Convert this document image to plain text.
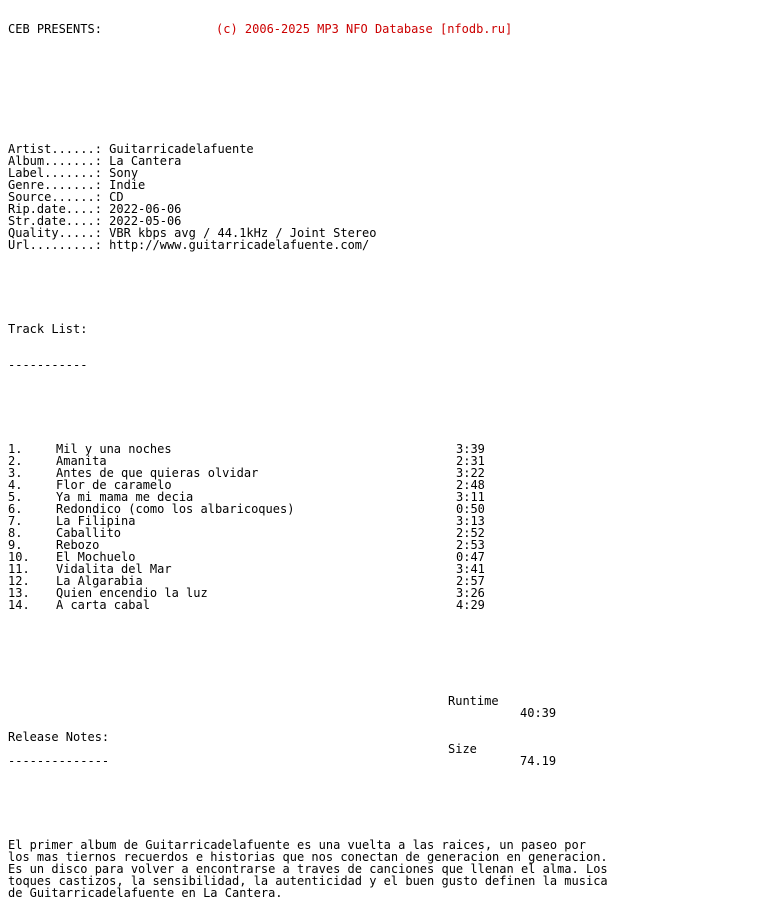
CEB PRESENTS:	(c) 2006-2025 MP3 NFO Database [nfodb.ru]

Artist......: Guitarricadelafuente
Album.......: La Cantera
Label.......: Sony
Genre.......: Indie
Source......: CD
Rip.date....: 2022-06-06
Str.date....: 2022-05-06
Quality.....: VBR kbps avg / 44.1kHz / Joint Stereo
Url.........: http://www.guitarricadelafuente.com/

Track List:

-----------

1.	Mil y una noches	3:39
2.	Amanita	2:31
3.	Antes de que quieras olvidar	3:22
4.	Flor de caramelo	2:48
5.	Ya mi mama me decia	3:11
6.	Redondico (como los albaricoques)	0:50
7.	La Filipina	3:13
8.	Caballito	2:52
9.	Rebozo	2:53
10. El Mochuelo	0:47
11. Vidalita del Mar	3:41
12. La Algarabia	2:57
13. Quien encendio la luz	3:26
14. A carta cabal	4:29

Runtime

40:39

Release Notes:

Size

74.19

--------------

El primer album de Guitarricadelafuente es una vuelta a las raices, un paseo por
los mas tiernos recuerdos e historias que nos conectan de generacion en generacion.
Es un disco para volver a encontrarse a traves de canciones que llenan el alma. Los
toques castizos, la sensibilidad, la autenticidad y el buen gusto definen la musica
de Guitarricadelafuente en La Cantera.
